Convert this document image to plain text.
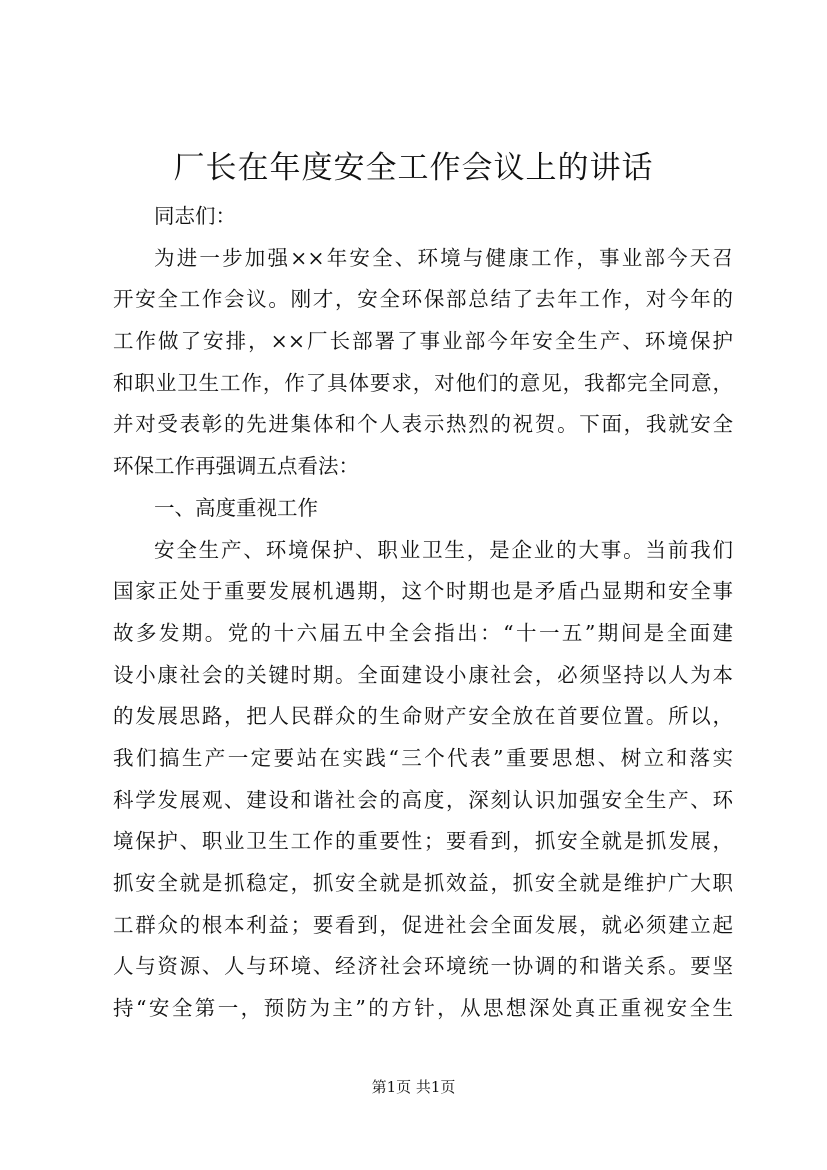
厂长在年度安全工作会议上的讲话
同志们：
为进一步加强××年安全、环境与健康工作，事业部今天召
开安全工作会议。刚才，安全环保部总结了去年工作，对今年的
工作做了安排，××厂长部署了事业部今年安全生产、环境保护
和职业卫生工作，作了具体要求，对他们的意见，我都完全同意，
并对受表彰的先进集体和个人表示热烈的祝贺。下面，我就安全
环保工作再强调五点看法：
一、高度重视工作
安全生产、环境保护、职业卫生，是企业的大事。当前我们
国家正处于重要发展机遇期，这个时期也是矛盾凸显期和安全事
故多发期。党的十六届五中全会指出：“十一五”期间是全面建
设小康社会的关键时期。全面建设小康社会，必须坚持以人为本
的发展思路，把人民群众的生命财产安全放在首要位置。所以，
我们搞生产一定要站在实践“三个代表”重要思想、树立和落实
科学发展观、建设和谐社会的高度，深刻认识加强安全生产、环
境保护、职业卫生工作的重要性；要看到，抓安全就是抓发展，
抓安全就是抓稳定，抓安全就是抓效益，抓安全就是维护广大职
工群众的根本利益；要看到，促进社会全面发展，就必须建立起
人与资源、人与环境、经济社会环境统一协调的和谐关系。要坚
持“安全第一，预防为主”的方针，从思想深处真正重视安全生
第1页 共1页
